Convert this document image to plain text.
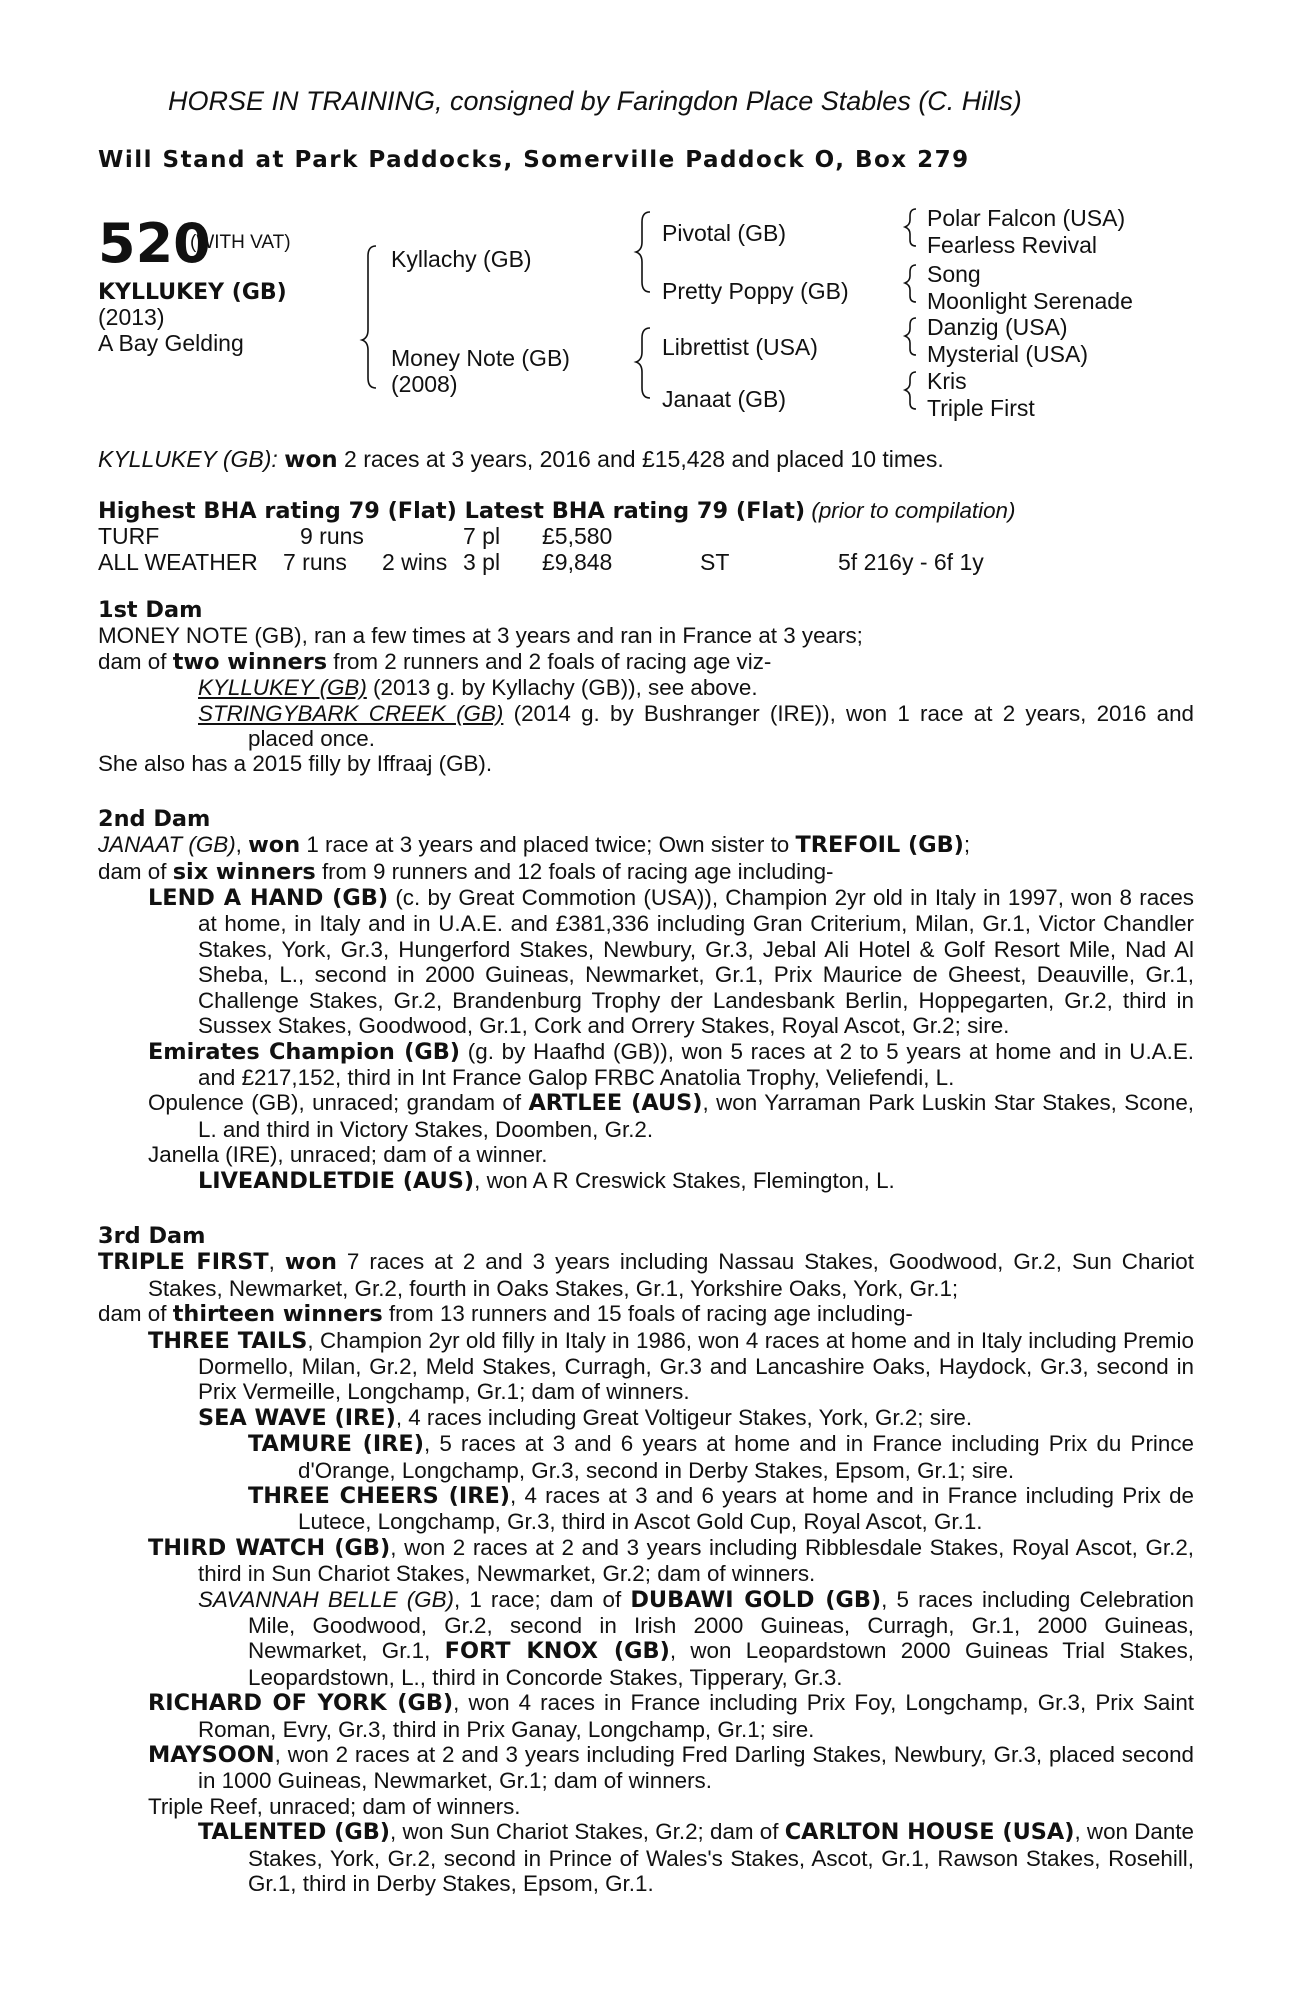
HORSE IN TRAINING, consigned by Faringdon Place Stables (C. Hills)
Will Stand at Park Paddocks, Somerville Paddock O, Box 279
520
(WITH VAT)
KYLLUKEY (GB)
(2013)
A Bay Gelding
Kyllachy (GB)
Money Note (GB)
(2008)
Pivotal (GB)
Pretty Poppy (GB)
Librettist (USA)
Janaat (GB)
Polar Falcon (USA)
Fearless Revival
Song
Moonlight Serenade
Danzig (USA)
Mysterial (USA)
Kris
Triple First
KYLLUKEY (GB): won 2 races at 3 years, 2016 and £15,428 and placed 10 times.
Highest BHA rating 79 (Flat) Latest BHA rating 79 (Flat) (prior to compilation)
TURF	9 runs	7 pl £5,580
ALL WEATHER 7 runs 2 wins 3 pl £9,848	ST	5f 216y - 6f 1y

1st Dam

MONEY NOTE (GB), ran a few times at 3 years and ran in France at 3 years;

dam of two winners from 2 runners and 2 foals of racing age viz-

KYLLUKEY (GB) (2013 g. by Kyllachy (GB)), see above.

STRINGYBARK CREEK (GB) (2014 g. by Bushranger (IRE)), won 1 race at 2 years, 2016 and placed once.

She also has a 2015 filly by Iffraaj (GB).

2nd Dam

JANAAT (GB), won 1 race at 3 years and placed twice; Own sister to TREFOIL (GB);

dam of six winners from 9 runners and 12 foals of racing age including-

LEND A HAND (GB) (c. by Great Commotion (USA)), Champion 2yr old in Italy in 1997, won 8 races at home, in Italy and in U.A.E. and £381,336 including Gran Criterium, Milan, Gr.1, Victor Chandler Stakes, York, Gr.3, Hungerford Stakes, Newbury, Gr.3, Jebal Ali Hotel & Golf Resort Mile, Nad Al Sheba, L., second in 2000 Guineas, Newmarket, Gr.1, Prix Maurice de Gheest, Deauville, Gr.1, Challenge Stakes, Gr.2, Brandenburg Trophy der Landesbank Berlin, Hoppegarten, Gr.2, third in Sussex Stakes, Goodwood, Gr.1, Cork and Orrery Stakes, Royal Ascot, Gr.2; sire.

Emirates Champion (GB) (g. by Haafhd (GB)), won 5 races at 2 to 5 years at home and in U.A.E. and £217,152, third in Int France Galop FRBC Anatolia Trophy, Veliefendi, L.

Opulence (GB), unraced; grandam of ARTLEE (AUS), won Yarraman Park Luskin Star Stakes, Scone, L. and third in Victory Stakes, Doomben, Gr.2.

Janella (IRE), unraced; dam of a winner.

LIVEANDLETDIE (AUS), won A R Creswick Stakes, Flemington, L.

3rd Dam

TRIPLE FIRST, won 7 races at 2 and 3 years including Nassau Stakes, Goodwood, Gr.2, Sun Chariot Stakes, Newmarket, Gr.2, fourth in Oaks Stakes, Gr.1, Yorkshire Oaks, York, Gr.1;

dam of thirteen winners from 13 runners and 15 foals of racing age including-

THREE TAILS, Champion 2yr old filly in Italy in 1986, won 4 races at home and in Italy including Premio Dormello, Milan, Gr.2, Meld Stakes, Curragh, Gr.3 and Lancashire Oaks, Haydock, Gr.3, second in Prix Vermeille, Longchamp, Gr.1; dam of winners.

SEA WAVE (IRE), 4 races including Great Voltigeur Stakes, York, Gr.2; sire.

TAMURE (IRE), 5 races at 3 and 6 years at home and in France including Prix du Prince d'Orange, Longchamp, Gr.3, second in Derby Stakes, Epsom, Gr.1; sire.

THREE CHEERS (IRE), 4 races at 3 and 6 years at home and in France including Prix de Lutece, Longchamp, Gr.3, third in Ascot Gold Cup, Royal Ascot, Gr.1.

THIRD WATCH (GB), won 2 races at 2 and 3 years including Ribblesdale Stakes, Royal Ascot, Gr.2, third in Sun Chariot Stakes, Newmarket, Gr.2; dam of winners.

SAVANNAH BELLE (GB), 1 race; dam of DUBAWI GOLD (GB), 5 races including Celebration Mile, Goodwood, Gr.2, second in Irish 2000 Guineas, Curragh, Gr.1, 2000 Guineas, Newmarket, Gr.1, FORT KNOX (GB), won Leopardstown 2000 Guineas Trial Stakes, Leopardstown, L., third in Concorde Stakes, Tipperary, Gr.3.

RICHARD OF YORK (GB), won 4 races in France including Prix Foy, Longchamp, Gr.3, Prix Saint Roman, Evry, Gr.3, third in Prix Ganay, Longchamp, Gr.1; sire.

MAYSOON, won 2 races at 2 and 3 years including Fred Darling Stakes, Newbury, Gr.3, placed second in 1000 Guineas, Newmarket, Gr.1; dam of winners.

Triple Reef, unraced; dam of winners.

TALENTED (GB), won Sun Chariot Stakes, Gr.2; dam of CARLTON HOUSE (USA), won Dante Stakes, York, Gr.2, second in Prince of Wales's Stakes, Ascot, Gr.1, Rawson Stakes, Rosehill, Gr.1, third in Derby Stakes, Epsom, Gr.1.
